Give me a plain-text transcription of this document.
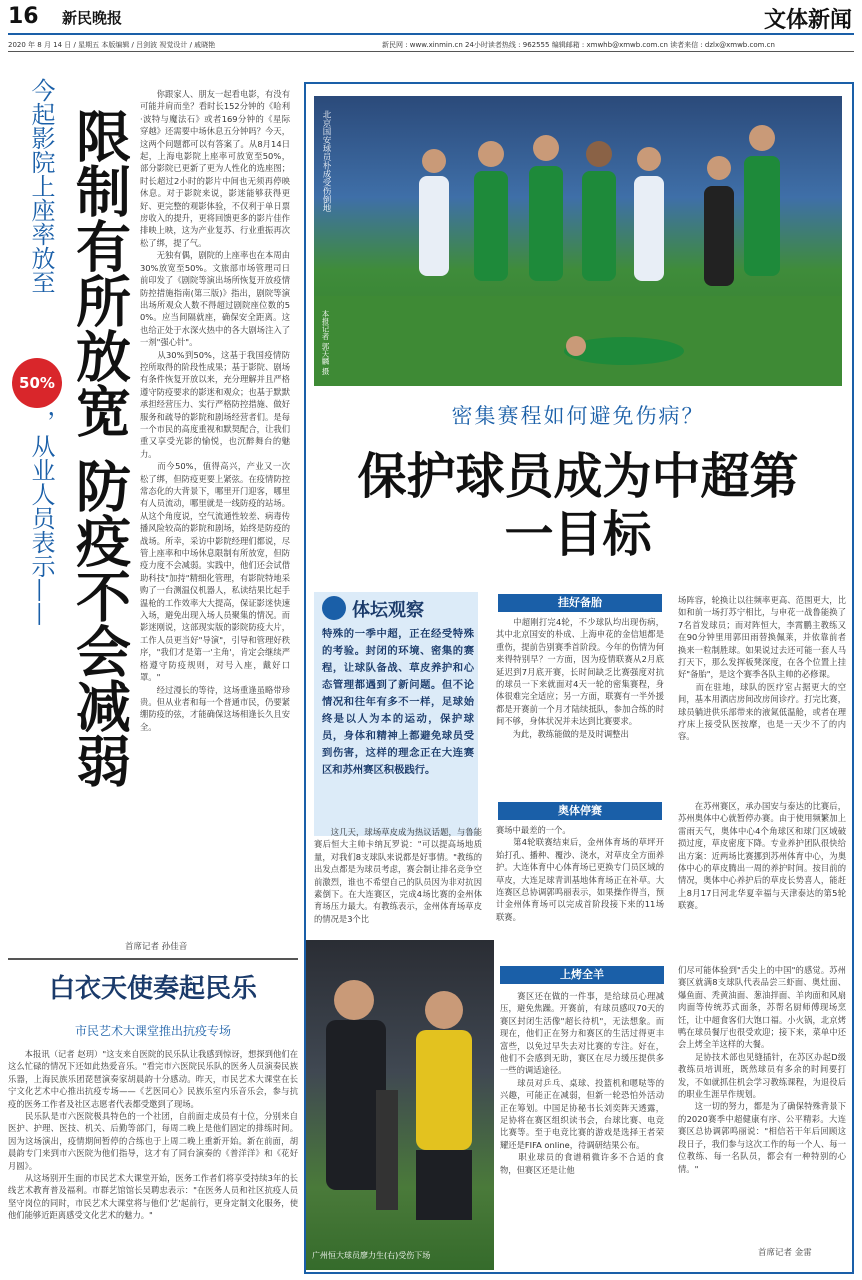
16 新民晚报	文体新闻
2020 年 8 月 14 日 / 星期五 本版编辑 / 吕剑波 视觉设计 / 戚晓艳	新民网 : www.xinmin.cn 24小时读者热线 : 962555 编辑邮箱 : xmwhb@xmwb.com.cn 读者来信 : dzlx@xmwb.com.cn
今起影院上座率放至
50%
，从业人员表示——
限制有所放宽
防疫不会减弱
　　你跟家人、朋友一起看电影，有没有可能并肩而坐？看时长152分钟的《哈利·波特与魔法石》或者169分钟的《星际穿越》还需要中场休息五分钟吗？今天，这两个问题都可以有答案了。从8月14日起，上海电影院上座率可放宽至50%，部分影院已更新了更为人性化的选座图；时长超过2小时的影片中间也无须再停映休息。对于影院来说，影迷能够获得更好、更完整的观影体验，不仅利于单日票房收入的提升，更将回馈更多的影片佳作排映上映，这为产业复苏、行业重振再次松了绑，提了气。
　　无独有偶，剧院的上座率也在本周由30%放宽至50%。文旅部市场管理司日前印发了《剧院等演出场所恢复开放疫情防控措施指南(第三版)》指出，剧院等演出场所观众人数不得超过剧院座位数的50%。应当间隔就座，确保安全距离。这也给正处于水深火热中的各大剧场注入了一剂"强心针"。
　　从30%到50%，这基于我国疫情防控所取得的阶段性成果；基于影院、剧场有条件恢复开放以来，充分理解并且严格遵守防疫要求的影迷和观众；也基于默默承担经营压力、实行严格防控措施、做好服务和疏导的影院和剧场经营者们。是每一个市民的高度重视和默契配合，让我们重又享受光影的愉悦，也沉醉舞台的魅力。
　　而今50%，值得高兴，产业又一次松了绑，但防疫更要上紧弦。在疫情防控常态化的大背景下，哪里开门迎客，哪里有人员流动，哪里就是一线防疫的站场。从这个角度说，空气流通性较差、病毒传播风险较高的影院和剧场，始终是防疫的战场。所幸，采访中影院经理们都说，尽管上座率和中场休息限制有所放宽，但防疫力度不会减弱。实践中，他们还会试借助科技"加持"精细化管理，有影院特地采购了一台测温仪机器人，私读结果比起手温枪的工作效率大大提高，保证影迷快速入场，避免出现入场人员聚集的情况。而影迷刚说，这部现实版的影院防疫大片，工作人员更当好"导演"，引导和管理好秩序，"我们才是第一'主角'，肯定会继续严格遵守防疫规则，对号入座，戴好口罩。"
　　经过漫长的等待，这场重逢虽略带珍贵。但从业者和每一个普通市民，仍要紧绷防疫的弦，才能确保这场相逢长久且安全。
首席记者 孙佳音
白衣天使奏起民乐
市民艺术大课堂推出抗疫专场
　　本报讯（记者 赵玥）"这支来自医院的民乐队让我感到惊讶，想探到他们在这么忙碌的情况下还如此热爱音乐。"看完市六医院民乐队的医务人员演奏民族乐器，上海民族乐团琵琶演奏家胡晨韵十分感动。昨天，市民艺术大课堂在长宁文化艺术中心推出抗疫专场——《艺医同心》民族乐室内乐音乐会，参与抗疫的医务工作者及社区志愿者代表都受邀到了现场。
　　民乐队是市六医院极具特色的一个社团，自前面走成员有十位，分别来自医护、护理、医技、机关、后勤等部门，每周二晚上是他们固定的排练时间。因为这场演出，疫情期间暂停的合练也于上周二晚上重新开始。新在前面，胡晨韵专门来到市六医院为他们指导，这才有了同台演奏的《普洋洋》和《花好月圆》。
　　从这场别开生面的市民艺术大课堂开始，医务工作者们将享受持续3年的长线艺术教育普及福利。市群艺馆馆长吴聘忠表示："在医务人员和社区抗疫人员坚守岗位的同时，市民艺术大课堂将与他们'艺'起前行，更身定制文化服务，使他们能够近距离感受文化艺术的魅力。"
北京国安球员朴成受伤倒地
本报记者 郭天麟 摄
密集赛程如何避免伤病？
保护球员成为中超第一目标
体坛观察
特殊的一季中超，正在经受特殊的考验。封闭的环境、密集的赛程，让球队备战、草皮养护和心态管理都遇到了新问题。但不论情况和往年有多不一样，足球始终是以人为本的运动，保护球员，身体和精神上都避免球员受到伤害，这样的理念正在大连赛区和苏州赛区积极践行。
　　这几天，球场草皮成为热议话题，与鲁能赛后恒大主帅卡纳瓦罗说："可以提高场地质量，对我们8支球队来说都是好事情。"教练的出发点都是为球员考虑，赛会制让排名竞争空前激烈，谁也不希望自己的队员因为非对抗因素倒下。在大连赛区，完成4场比赛的金州体育场压力最大。有教练表示，金州体育场草皮的情况是3个比
挂好备胎
　　中超刚打完4轮，不少球队均出现伤病，其中北京国安的朴成、上海申花的金信旭都是重伤，提前告别赛季首阶段。今年的伤情为何来得特别早？一方面，因为疫情联赛从2月底延迟到7月底开赛，长时间缺乏比赛强度对抗的球员一下来就面对4天一轮的密集赛程，身体很难完全适应；另一方面，联赛有一半外援都是开赛前一个月才陆续抵队，参加合练的时间不够，身体状况并未达到比赛要求。
　　为此，教练能做的是及时调整出
场阵容，轮换让以往频率更高、范围更大，比如和前一场打苏宁相比，与申花一战鲁能换了7名首发球员；而对阵恒大，李霄鹏主教练又在90分钟里用郭田雨替换佩莱，并依靠前者换来一粒制胜球。如果说过去还可能一套人马打天下，那么发挥板凳深度，在各个位置上挂好"备胎"，是这个赛季各队主帅的必修课。
　　而在驻地，球队的医疗室占据更大的空间，基本用酒店房间改房间诊疗。打完比赛，球员躺进供乐部带来的液氮低温舱，或者在理疗床上接受队医按摩，也是一天少不了的内容。
奥体停赛
赛场中最差的一个。
　　第4轮联赛结束后，金州体育场的草坪开始打孔、播种、覆沙、浇水，对草皮全方面养护。大连体育中心体育场已更换专门员区域的草皮，大连足球青训基地体育场正在补草。大连赛区总协调郭鸣丽表示，如果操作得当，预计金州体育场可以完成首阶段接下来的11场联赛。
　　在苏州赛区，承办国安与泰达的比赛后，苏州奥体中心就暂停办赛。由于使用频繁加上雷雨天气，奥体中心4个角球区和球门区域破损过度，草皮密度下降。专业养护团队很快给出方案：近两场比赛挪到苏州体育中心，为奥体中心的草皮腾出一周的养护时间。按目前的情况，奥体中心养护后的草皮长势喜人，能赶上8月17日河北华夏幸福与天津泰达的第5轮联赛。
广州恒大球员廖力生(右)受伤下场
上烤全羊
　　赛区还在做的一件事，是给球员心理减压，避免焦躁。开赛前，有球员感叹70天的赛区封闭生活像"超长待机"，无法想象。而现在，他们正在努力和赛区的生活过得更丰富些，以免过早失去对比赛的专注。好在，他们不会感到无助，赛区在尽力缓压提供多一些的调适途径。
　　球员对乒乓、桌球、投篮机和嗯哒等的兴趣，可能正在减弱，但新一轮恐怕外活动正在筹划。中国足协秘书长刘奕阵天透露，足协将在赛区组织读书会，台球比赛、电竞比赛等。至于电竞比赛的游戏是选择王者荣耀还是FIFA online，待调研结果公布。
　　职业球员的食谱稍微许多不合适的食物，但赛区还是让他
们尽可能体验到"舌尖上的中国"的感觉。苏州赛区就满8支球队代表品尝三虾面、奥灶面、爆鱼面、秃黄油面、葱油拌面、羊肉面和风扇肉面等传统苏式面条，苏帮名厨师傅现场烹饪，让中超食客们大饱口福。小火锅，北京烤鸭在球员餐厅也很受欢迎；接下来，菜单中还会上烤全羊这样的大餐。
　　足协技术部也见缝插针，在苏区办起D级教练员培训班，既然球员有多余的时间要打发，不如就抓住机会学习教练课程，为退役后的职业生涯早作规划。
　　这一切的努力，都是为了确保特殊背景下的2020赛季中超健康有序、公平精彩。大连赛区总协调郭鸣丽说："相信若干年后回顾这段日子，我们参与这次工作的每一个人、每一位教练、每一名队员，都会有一种特别的心情。"
首席记者 金雷
